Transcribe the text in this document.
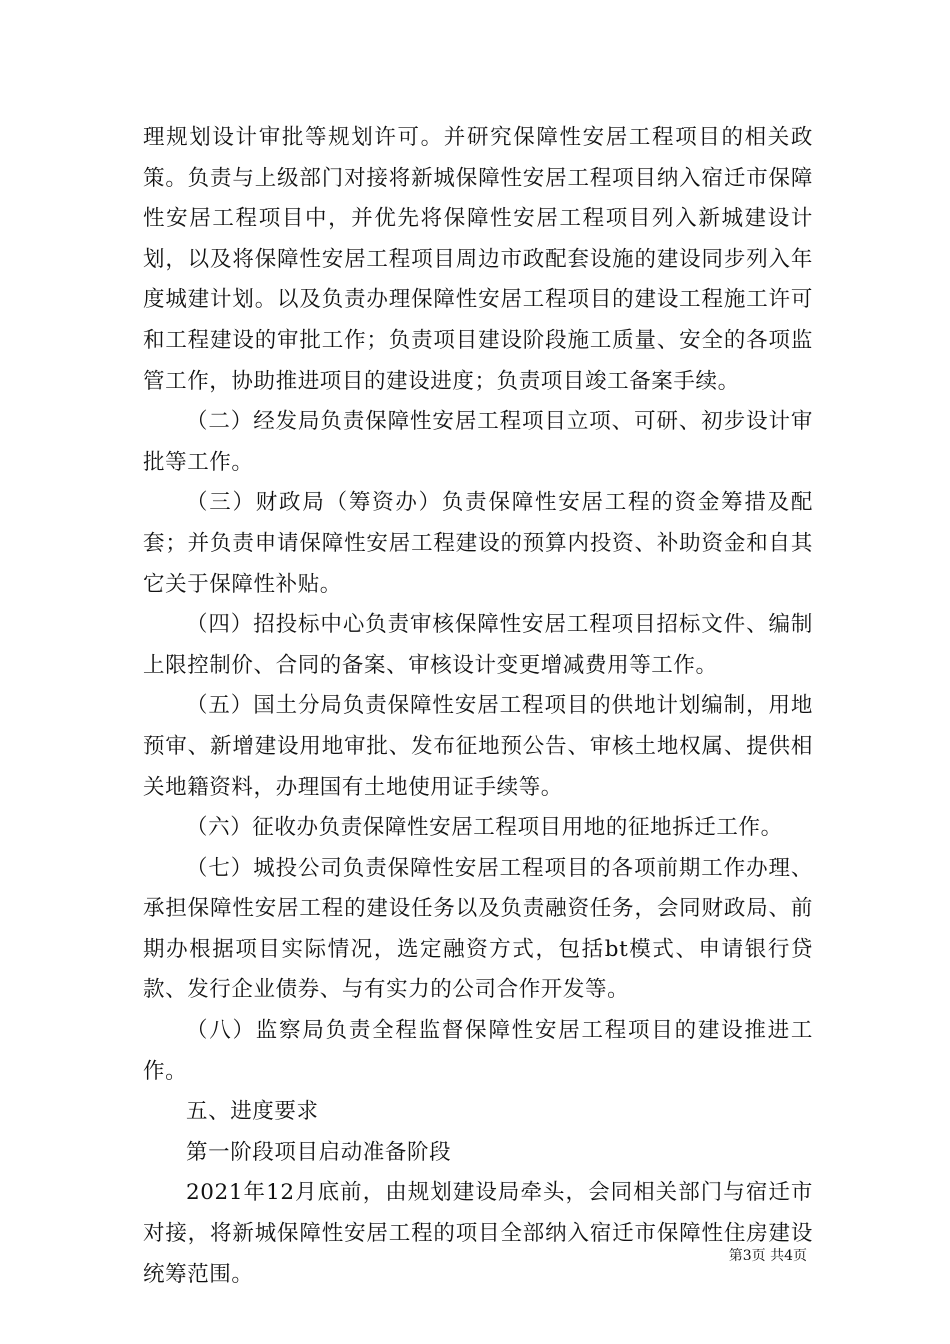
理规划设计审批等规划许可。并研究保障性安居工程项目的相关政策。负责与上级部门对接将新城保障性安居工程项目纳入宿迁市保障性安居工程项目中，并优先将保障性安居工程项目列入新城建设计划，以及将保障性安居工程项目周边市政配套设施的建设同步列入年度城建计划。以及负责办理保障性安居工程项目的建设工程施工许可和工程建设的审批工作；负责项目建设阶段施工质量、安全的各项监管工作，协助推进项目的建设进度；负责项目竣工备案手续。

（二）经发局负责保障性安居工程项目立项、可研、初步设计审批等工作。

（三）财政局（筹资办）负责保障性安居工程的资金筹措及配套；并负责申请保障性安居工程建设的预算内投资、补助资金和自其它关于保障性补贴。

（四）招投标中心负责审核保障性安居工程项目招标文件、编制上限控制价、合同的备案、审核设计变更增减费用等工作。

（五）国土分局负责保障性安居工程项目的供地计划编制，用地预审、新增建设用地审批、发布征地预公告、审核土地权属、提供相关地籍资料，办理国有土地使用证手续等。

（六）征收办负责保障性安居工程项目用地的征地拆迁工作。

（七）城投公司负责保障性安居工程项目的各项前期工作办理、承担保障性安居工程的建设任务以及负责融资任务，会同财政局、前期办根据项目实际情况，选定融资方式，包括bt模式、申请银行贷款、发行企业债券、与有实力的公司合作开发等。

（八）监察局负责全程监督保障性安居工程项目的建设推进工作。

五、进度要求

第一阶段项目启动准备阶段

2021年12月底前，由规划建设局牵头，会同相关部门与宿迁市对接，将新城保障性安居工程的项目全部纳入宿迁市保障性住房建设统筹范围。

第3页 共4页
